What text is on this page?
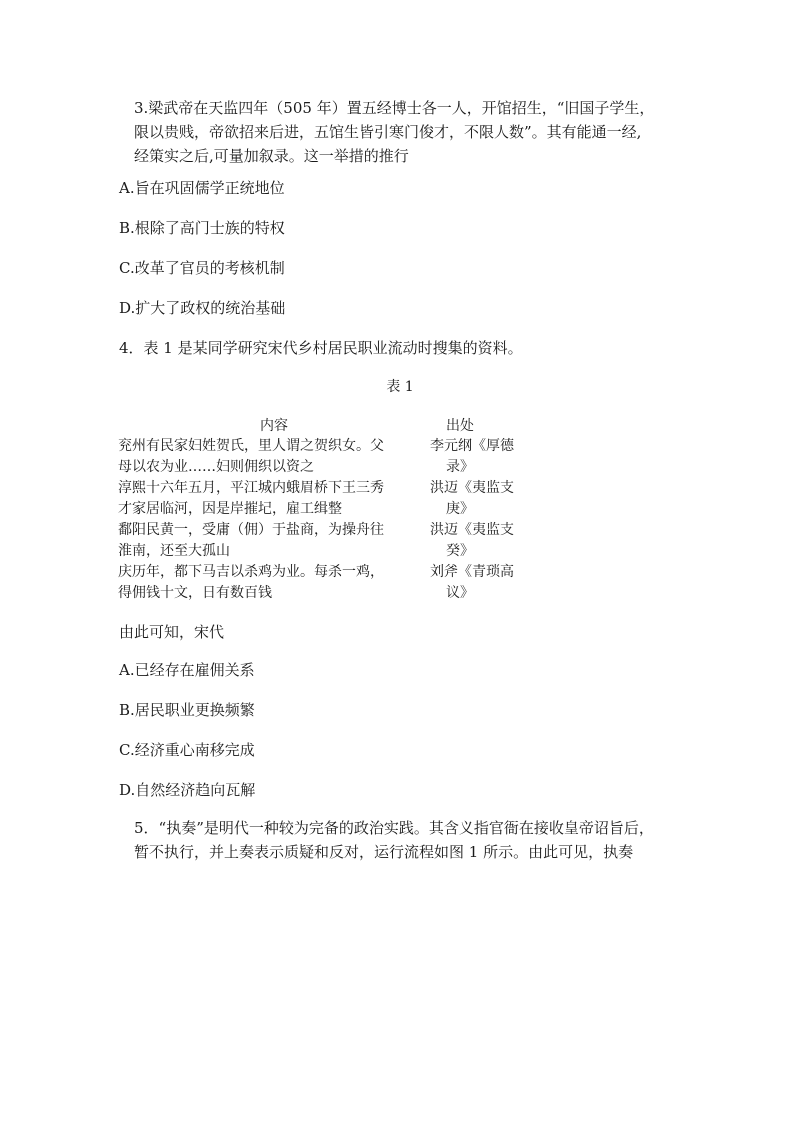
3.梁武帝在天监四年（505 年）置五经博士各一人，开馆招生，“旧国子学生，

限以贵贱，帝欲招来后进，五馆生皆引寒门俊才，不限人数”。其有能通一经,

经策实之后,可量加叙录。这一举措的推行

A.旨在巩固儒学正统地位
B.根除了高门士族的特权
C.改革了官员的考核机制
D.扩大了政权的统治基础
4．表 1 是某同学研究宋代乡村居民职业流动时搜集的资料。
表 1
内容	出处

兖州有民家妇姓贺氏，里人谓之贺织女。父
母以农为业……妇则佣织以资之	李元纲《厚德
录》

淳熙十六年五月，平江城内蛾眉桥下王三秀
才家居临河，因是岸摧圮，雇工缉整	洪迈《夷监支
庚》

鄱阳民黄一，受庸（佣）于盐商，为操舟往
淮南，还至大孤山	洪迈《夷监支
癸》

庆历年，都下马吉以杀鸡为业。每杀一鸡，
得佣钱十文，日有数百钱	刘斧《青琐高
议》
由此可知，宋代
A.已经存在雇佣关系
B.居民职业更换频繁
C.经济重心南移完成
D.自然经济趋向瓦解

5．“执奏”是明代一种较为完备的政治实践。其含义指官衙在接收皇帝诏旨后，

暂不执行，并上奏表示质疑和反对，运行流程如图 1 所示。由此可见，执奏
